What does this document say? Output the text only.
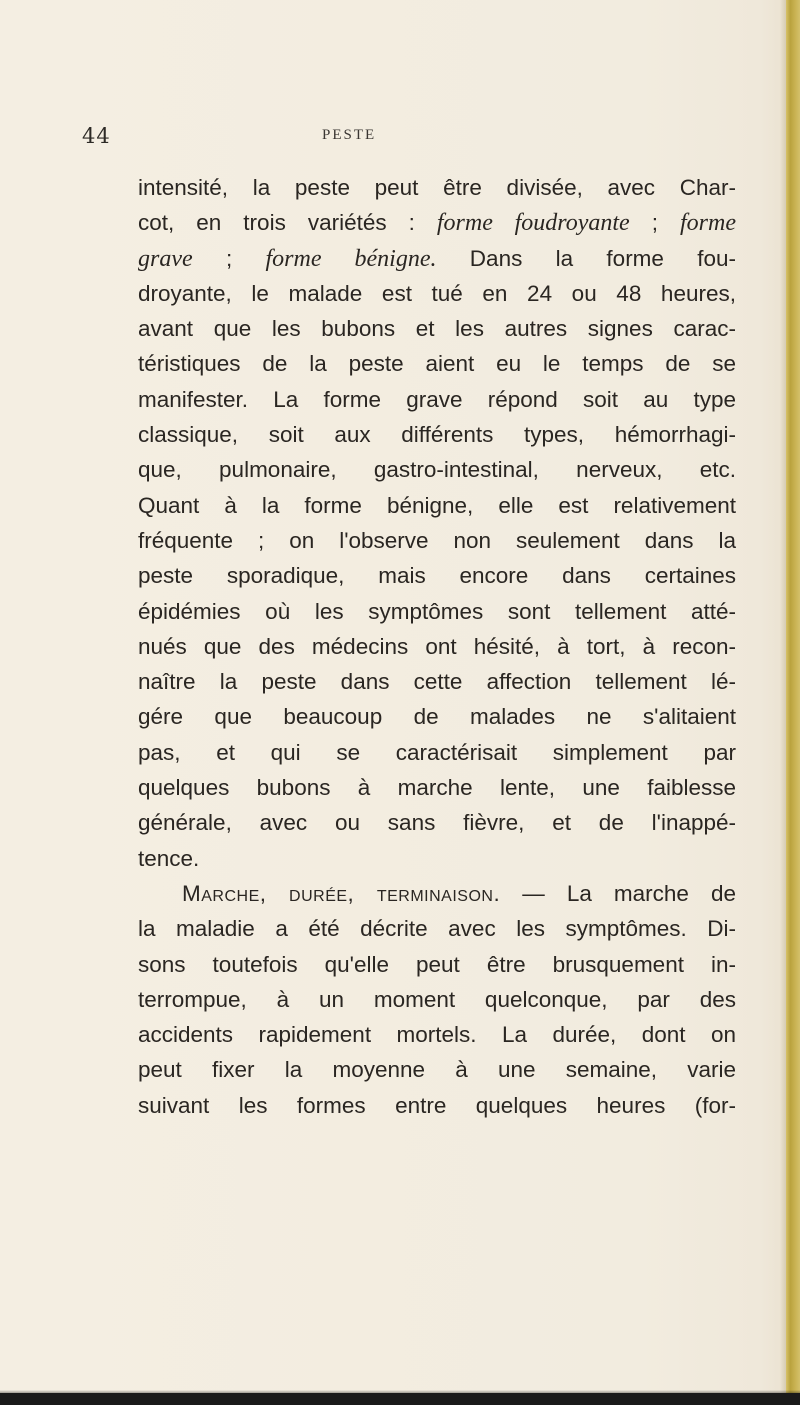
44	PESTE
intensité, la peste peut être divisée, avec Char-
cot, en trois variétés : forme foudroyante ; forme
grave ; forme bénigne. Dans la forme fou-
droyante, le malade est tué en 24 ou 48 heures,
avant que les bubons et les autres signes carac-
téristiques de la peste aient eu le temps de se
manifester. La forme grave répond soit au type
classique, soit aux différents types, hémorrhagi-
que, pulmonaire, gastro-intestinal, nerveux, etc.
Quant à la forme bénigne, elle est relativement
fréquente ; on l'observe non seulement dans la
peste sporadique, mais encore dans certaines
épidémies où les symptômes sont tellement atté-
nués que des médecins ont hésité, à tort, à recon-
naître la peste dans cette affection tellement lé-
gére que beaucoup de malades ne s'alitaient
pas, et qui se caractérisait simplement par
quelques bubons à marche lente, une faiblesse
générale, avec ou sans fièvre, et de l'inappé-
tence.
Marche, durée, terminaison. — La marche de
la maladie a été décrite avec les symptômes. Di-
sons toutefois qu'elle peut être brusquement in-
terrompue, à un moment quelconque, par des
accidents rapidement mortels. La durée, dont on
peut fixer la moyenne à une semaine, varie
suivant les formes entre quelques heures (for-
